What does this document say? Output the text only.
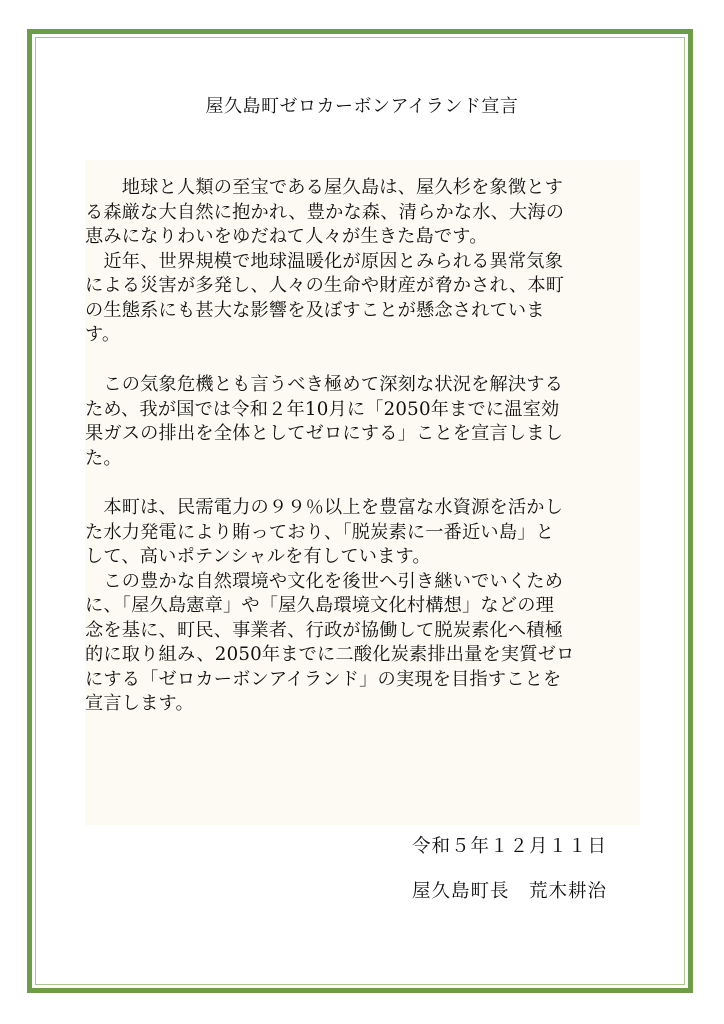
屋久島町ゼロカーボンアイランド宣言
　　地球と人類の至宝である屋久島は、屋久杉を象徴とす
る森厳な大自然に抱かれ、豊かな森、清らかな水、大海の
恵みになりわいをゆだねて人々が生きた島です。
　近年、世界規模で地球温暖化が原因とみられる異常気象
による災害が多発し、人々の生命や財産が脅かされ、本町
の生態系にも甚大な影響を及ぼすことが懸念されていま
す。
　この気象危機とも言うべき極めて深刻な状況を解決する
ため、我が国では令和２年10月に「2050年までに温室効
果ガスの排出を全体としてゼロにする」ことを宣言しまし
た。
　本町は、民需電力の９９％以上を豊富な水資源を活かし
た水力発電により賄っており、「脱炭素に一番近い島」と
して、高いポテンシャルを有しています。
　この豊かな自然環境や文化を後世へ引き継いでいくため
に、「屋久島憲章」や「屋久島環境文化村構想」などの理
念を基に、町民、事業者、行政が協働して脱炭素化へ積極
的に取り組み、2050年までに二酸化炭素排出量を実質ゼロ
にする「ゼロカーボンアイランド」の実現を目指すことを
宣言します。
令和５年１２月１１日
屋久島町長　荒木耕治
